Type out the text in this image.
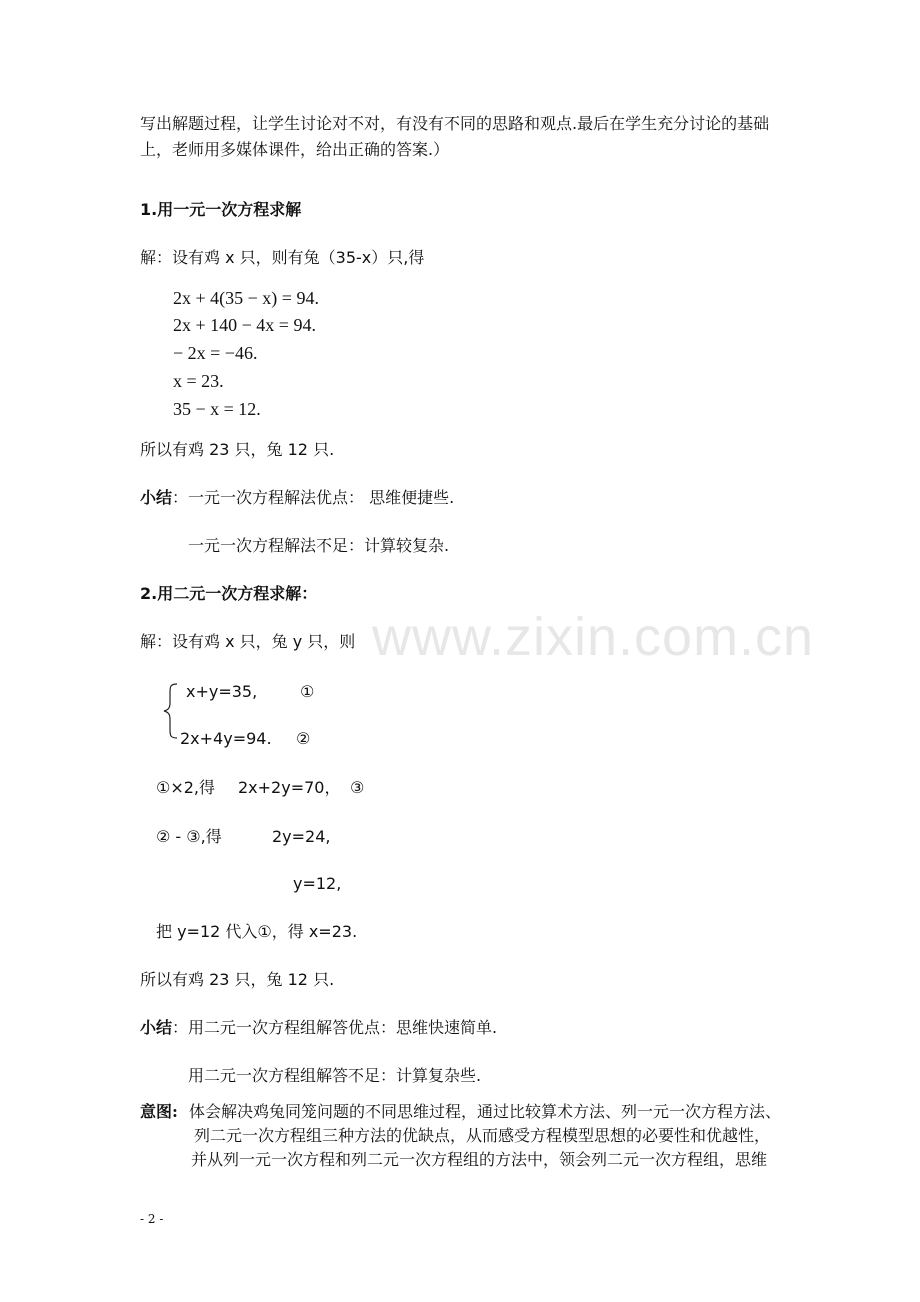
www.zixin.com.cn
写出解题过程，让学生讨论对不对，有没有不同的思路和观点.最后在学生充分讨论的基础
上，老师用多媒体课件，给出正确的答案.）
1.用一元一次方程求解
解：设有鸡 x 只，则有兔（35-x）只,得
2x + 4(35 − x) = 94.
2x + 140 − 4x = 94.
− 2x = −46.
x = 23.
35 − x = 12.
所以有鸡 23 只，兔 12 只.
小结：一元一次方程解法优点： 思维便捷些.
一元一次方程解法不足：计算较复杂.
2.用二元一次方程求解：
解：设有鸡 x 只，兔 y 只，则
x+y=35,	①
2x+4y=94. ②
①×2,得 2x+2y=70， ③
② - ③,得	2y=24,
y=12,
把 y=12 代入①，得 x=23.
所以有鸡 23 只，兔 12 只.
小结：用二元一次方程组解答优点：思维快速简单.
用二元一次方程组解答不足：计算复杂些.
意图: 体会解决鸡兔同笼问题的不同思维过程，通过比较算术方法、列一元一次方程方法、
列二元一次方程组三种方法的优缺点，从而感受方程模型思想的必要性和优越性，
并从列一元一次方程和列二元一次方程组的方法中，领会列二元一次方程组，思维
- 2 -
